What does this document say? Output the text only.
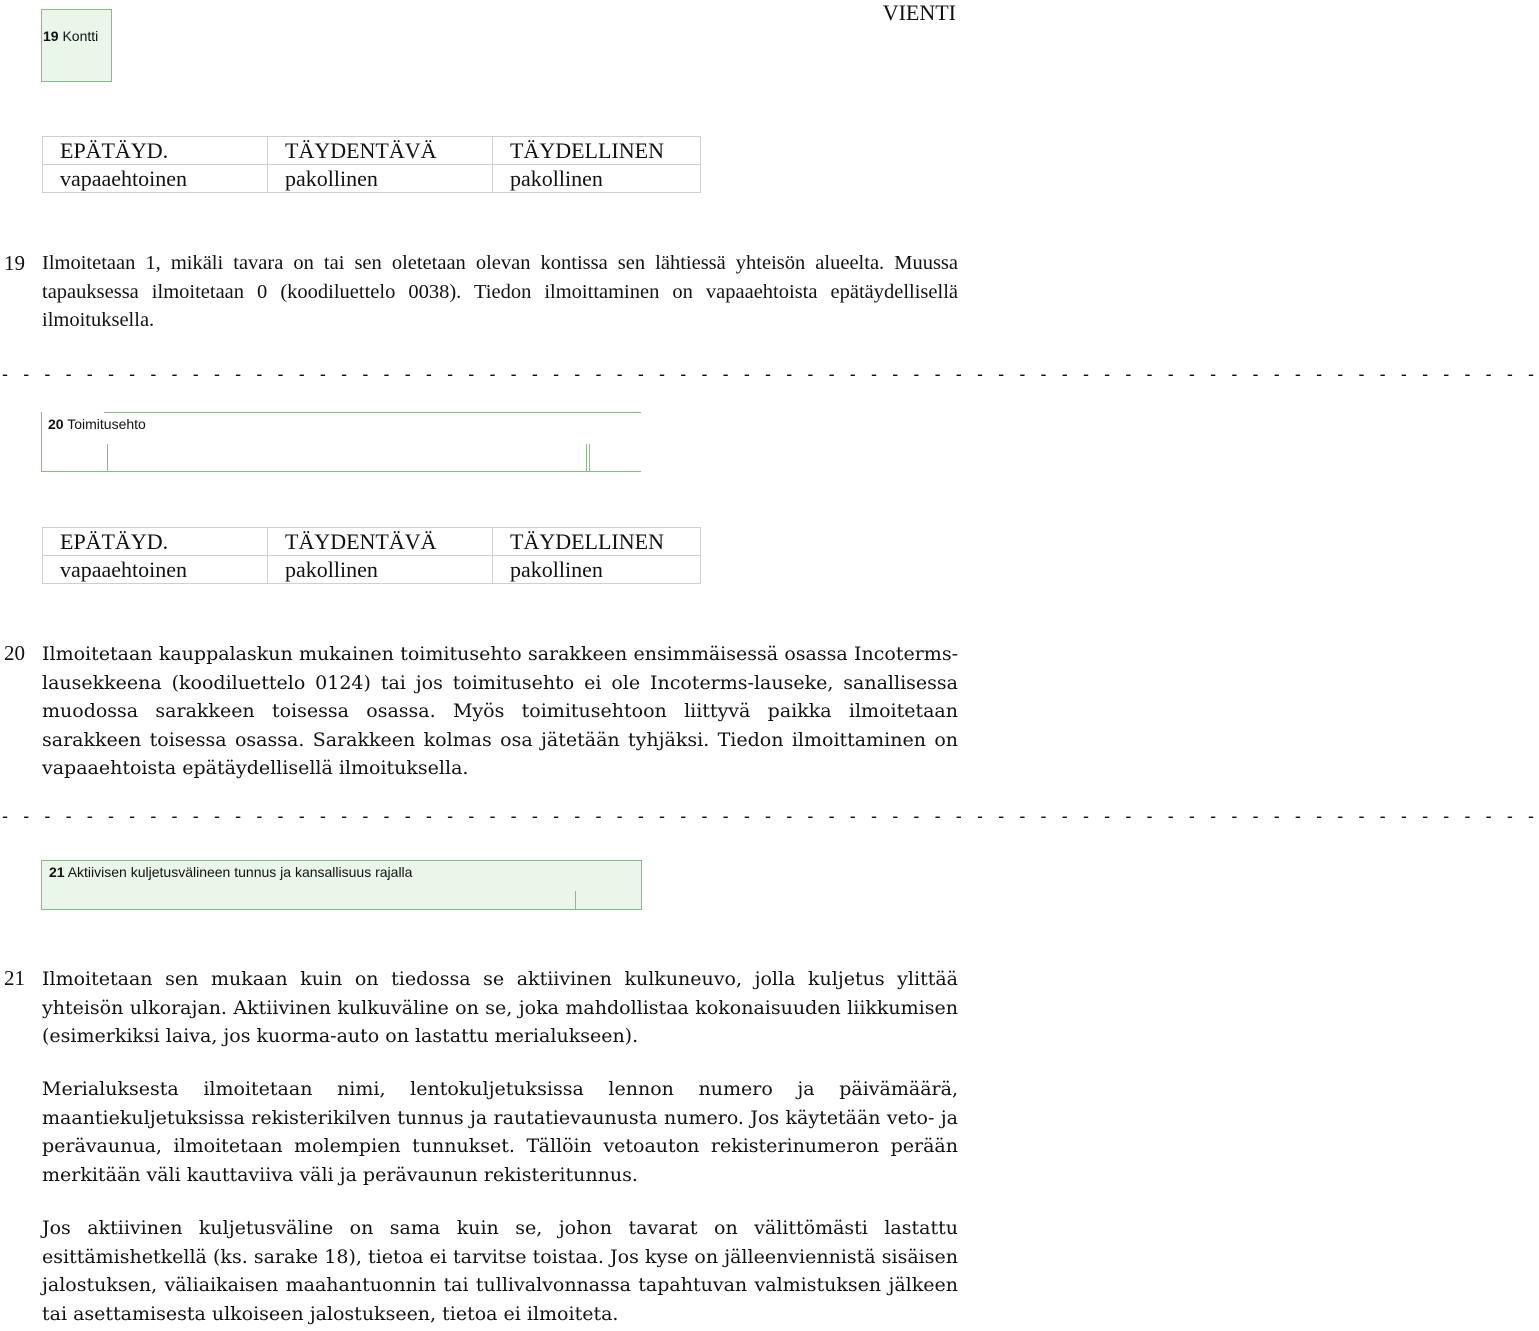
VIENTI
19 Kontti
EPÄTÄYD.	TÄYDENTÄVÄ	TÄYDELLINEN
vapaaehtoinen	pakollinen	pakollinen
19 Ilmoitetaan 1, mikäli tavara on tai sen oletetaan olevan kontissa sen lähtiessä yhteisön alueelta. Muussa tapauksessa ilmoitetaan 0 (koodiluettelo 0038). Tiedon ilmoittaminen on vapaaehtoista epätäydellisellä ilmoituksella.
- - - - - - - - - - - - - - - - - - - - - - - - - - - - - - - - - - - - - - - - - - - - - - - - - - - - - - - - - - - - - - - - - - - - - - - - -
20 Toimitusehto
EPÄTÄYD.	TÄYDENTÄVÄ	TÄYDELLINEN
vapaaehtoinen	pakollinen	pakollinen
20 Ilmoitetaan kauppalaskun mukainen toimitusehto sarakkeen ensimmäisessä osassa Incoterms-lausekkeena (koodiluettelo 0124) tai jos toimitusehto ei ole Incoterms-lauseke, sanallisessa muodossa sarakkeen toisessa osassa. Myös toimitusehtoon liittyvä paikka ilmoitetaan sarakkeen toisessa osassa. Sarakkeen kolmas osa jätetään tyhjäksi. Tiedon ilmoittaminen on vapaaehtoista epätäydellisellä ilmoituksella.
- - - - - - - - - - - - - - - - - - - - - - - - - - - - - - - - - - - - - - - - - - - - - - - - - - - - - - - - - - - - - - - - - - - - - - - - -
21 Aktiivisen kuljetusvälineen tunnus ja kansallisuus rajalla
21 Ilmoitetaan sen mukaan kuin on tiedossa se aktiivinen kulkuneuvo, jolla kuljetus ylittää yhteisön ulkorajan. Aktiivinen kulkuväline on se, joka mahdollistaa kokonaisuuden liikkumisen (esimerkiksi laiva, jos kuorma-auto on lastattu merialukseen).
Merialuksesta ilmoitetaan nimi, lentokuljetuksissa lennon numero ja päivämäärä, maantiekuljetuksissa rekisterikilven tunnus ja rautatievaunusta numero. Jos käytetään veto- ja perävaunua, ilmoitetaan molempien tunnukset. Tällöin vetoauton rekisterinumeron perään merkitään väli kauttaviiva väli ja perävaunun rekisteritunnus.
Jos aktiivinen kuljetusväline on sama kuin se, johon tavarat on välittömästi lastattu esittämishetkellä (ks. sarake 18), tietoa ei tarvitse toistaa. Jos kyse on jälleenviennistä sisäisen jalostuksen, väliaikaisen maahantuonnin tai tullivalvonnassa tapahtuvan valmistuksen jälkeen tai asettamisesta ulkoiseen jalostukseen, tietoa ei ilmoiteta.
